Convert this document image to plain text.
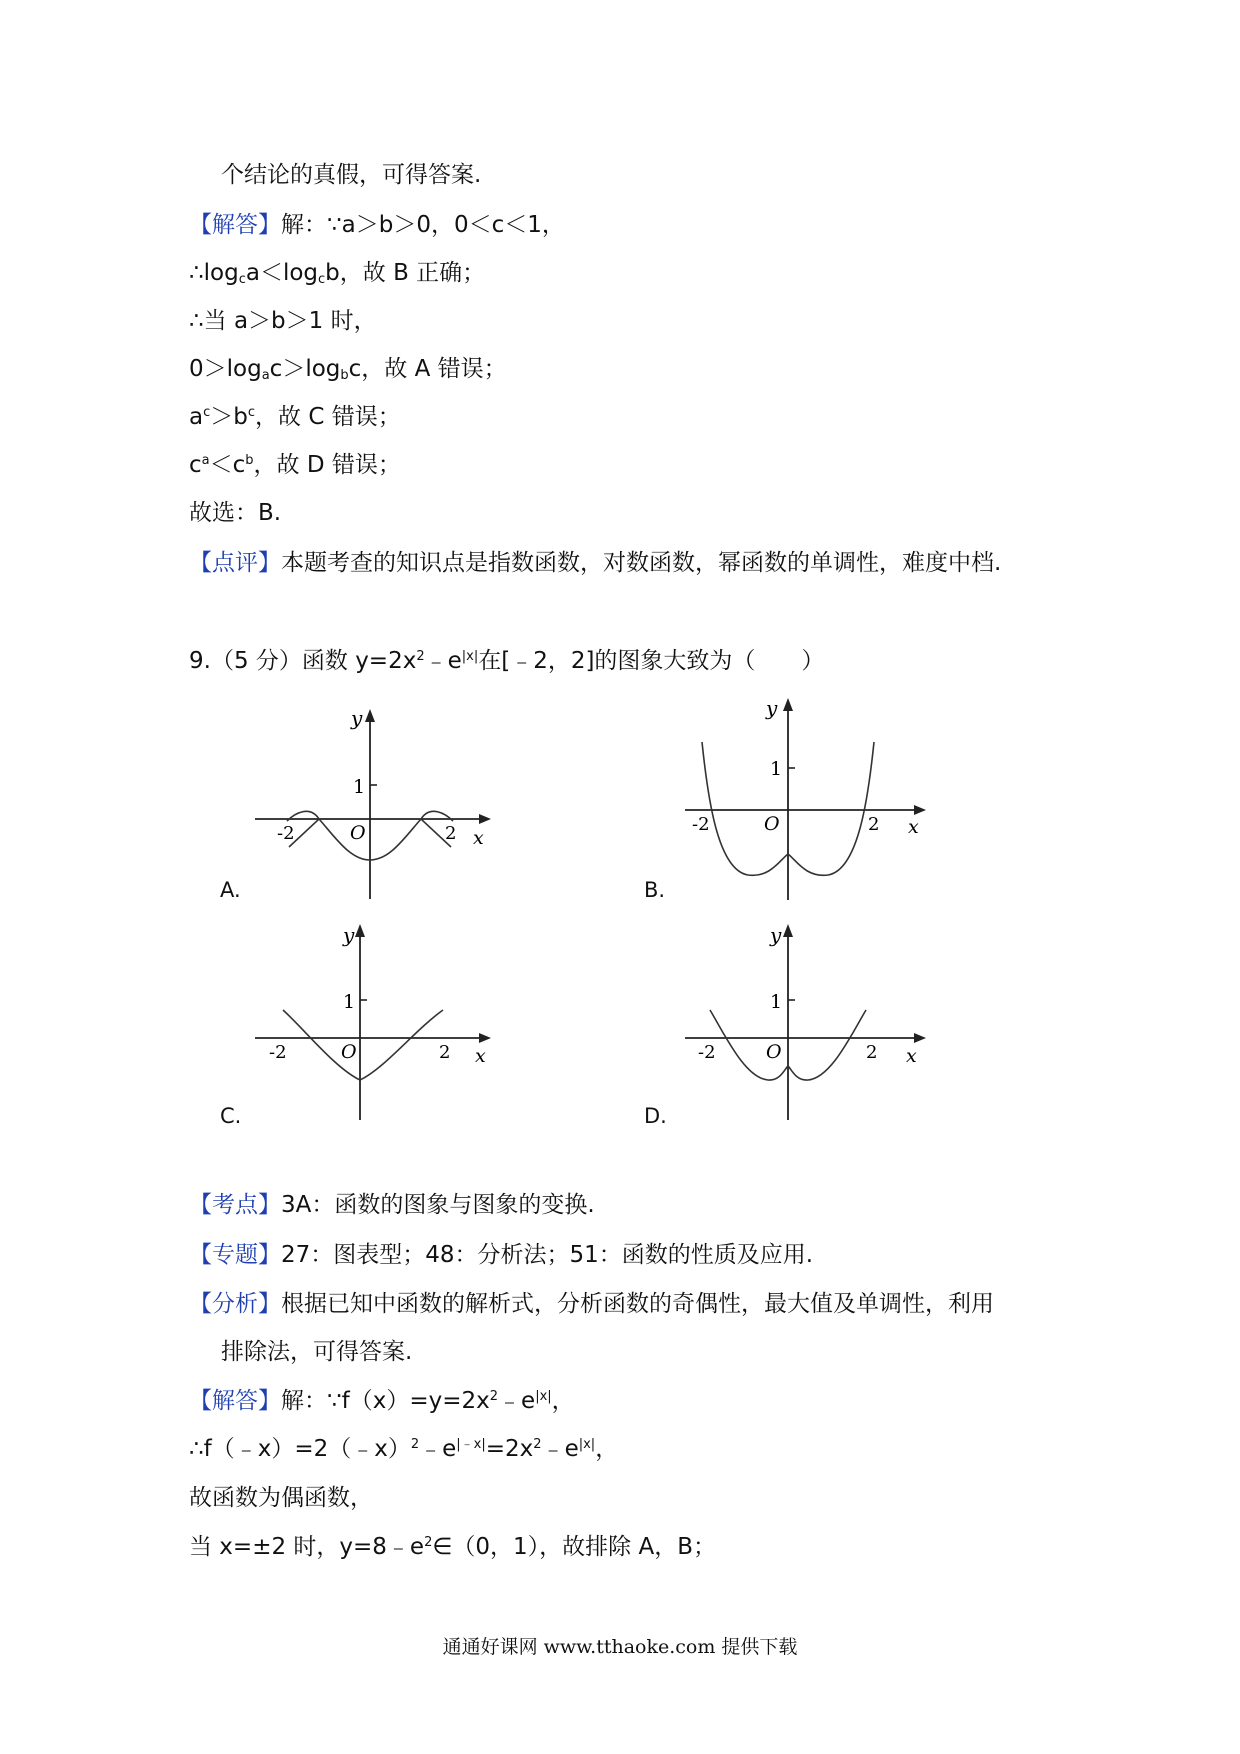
个结论的真假，可得答案.
【解答】解：∵a＞b＞0，0＜c＜1，
$\therefore\log_ca<\log_cb$，故 B 正确；
∴当 a＞b＞1 时，
$0>\log_ac>\log_bc$，故 A 错误；
$a^c>b^c$，故 C 错误；
$c^a<c^b$，故 D 错误；
故选：B.
【点评】本题考查的知识点是指数函数，对数函数，幂函数的单调性，难度中档.
9.（5 分）函数 $y=2x^2﹣e^{|x|}$在[﹣2，2]的图象大致为（　　）
y
1
-2	O	2 x
A.
y
1
-2	O	2 x
B.
y
1
-2	O	2 x
C.
y
1
-2	O	2 x
D.
【考点】3A：函数的图象与图象的变换.
【专题】27：图表型；48：分析法；51：函数的性质及应用.
【分析】根据已知中函数的解析式，分析函数的奇偶性，最大值及单调性，利用
排除法，可得答案.
【解答】解：$\because f(x)=y=2x^2﹣e^{|x|}$，
$\therefore f(﹣x)=2(﹣x)^2﹣e^{|﹣x|}=2x^2﹣e^{|x|}$，
故函数为偶函数，
当 x=±2 时，$y=8﹣e^2\in(0$，1），故排除 A，B；
通通好课网 www.tthaoke.com 提供下载
